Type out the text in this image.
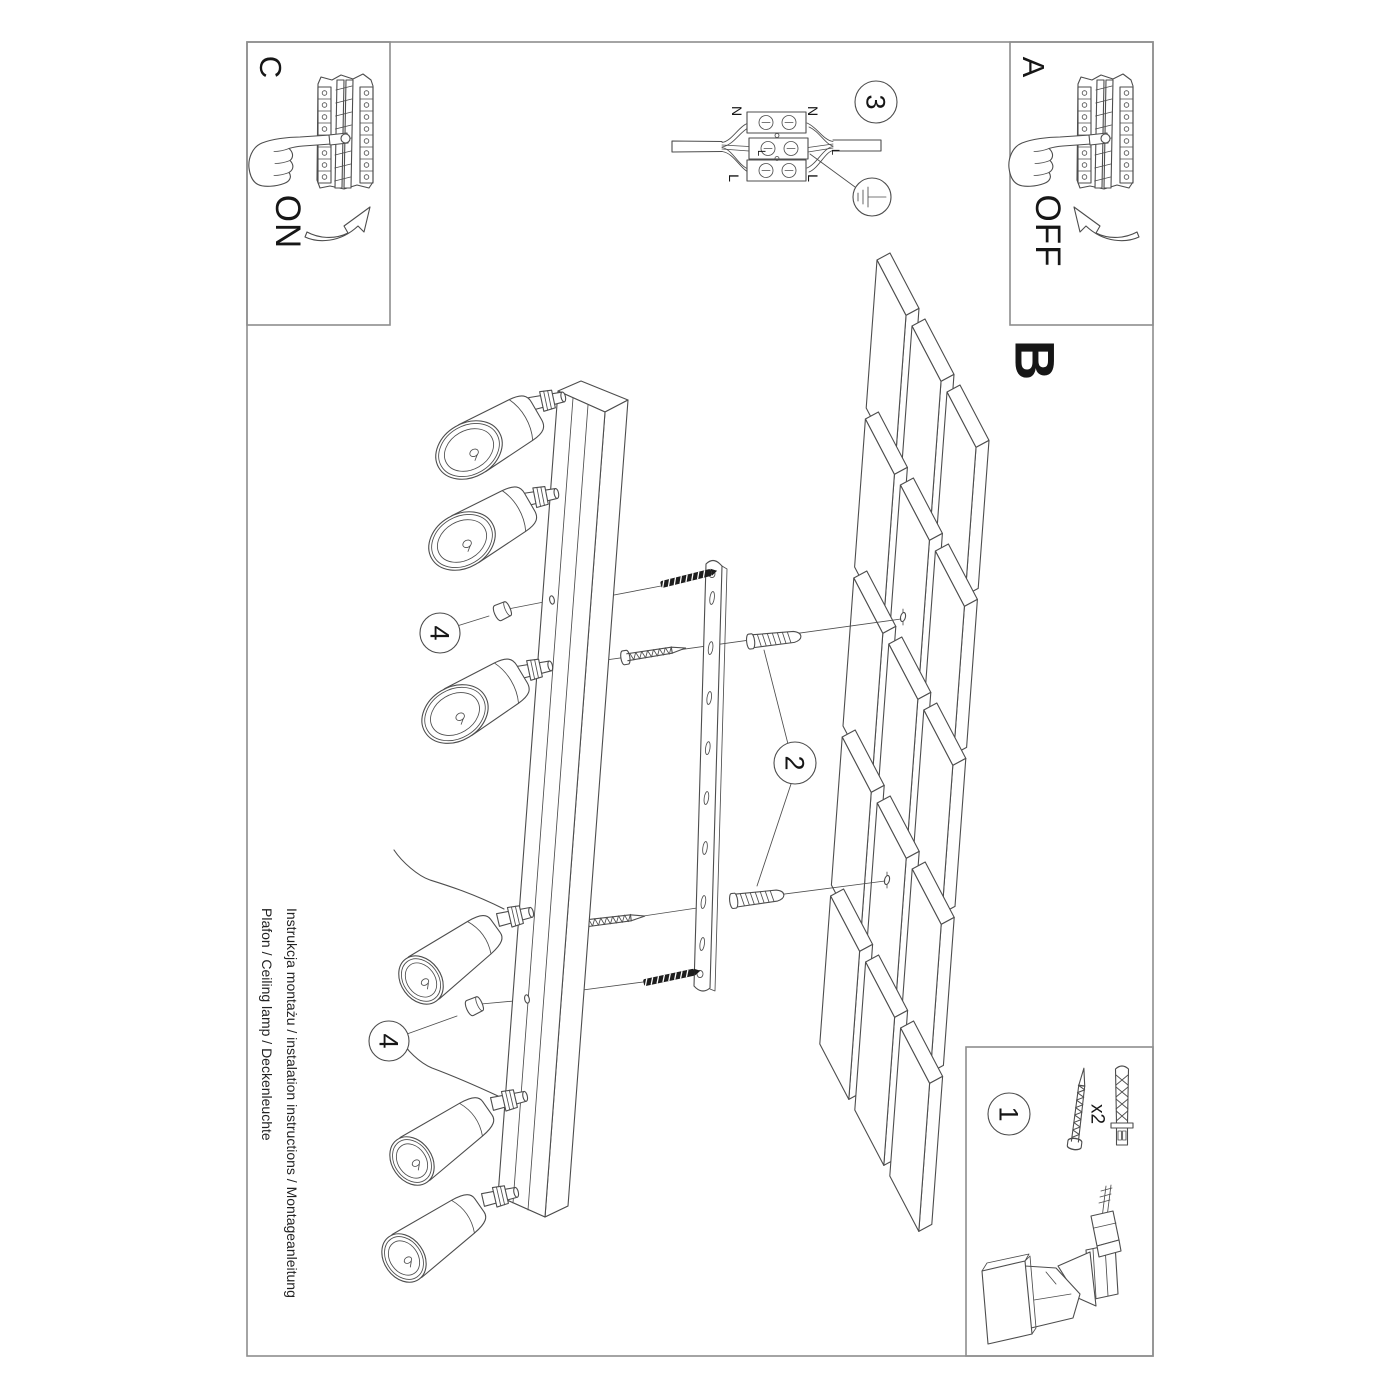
3
2
4
4
1
C
ON
A
OFF
B
N	N
L	L
L	L
x2
Instrukcja montażu / instalation instructions / Montageanleitung
Plafon / Ceiling lamp / Deckenleuchte
